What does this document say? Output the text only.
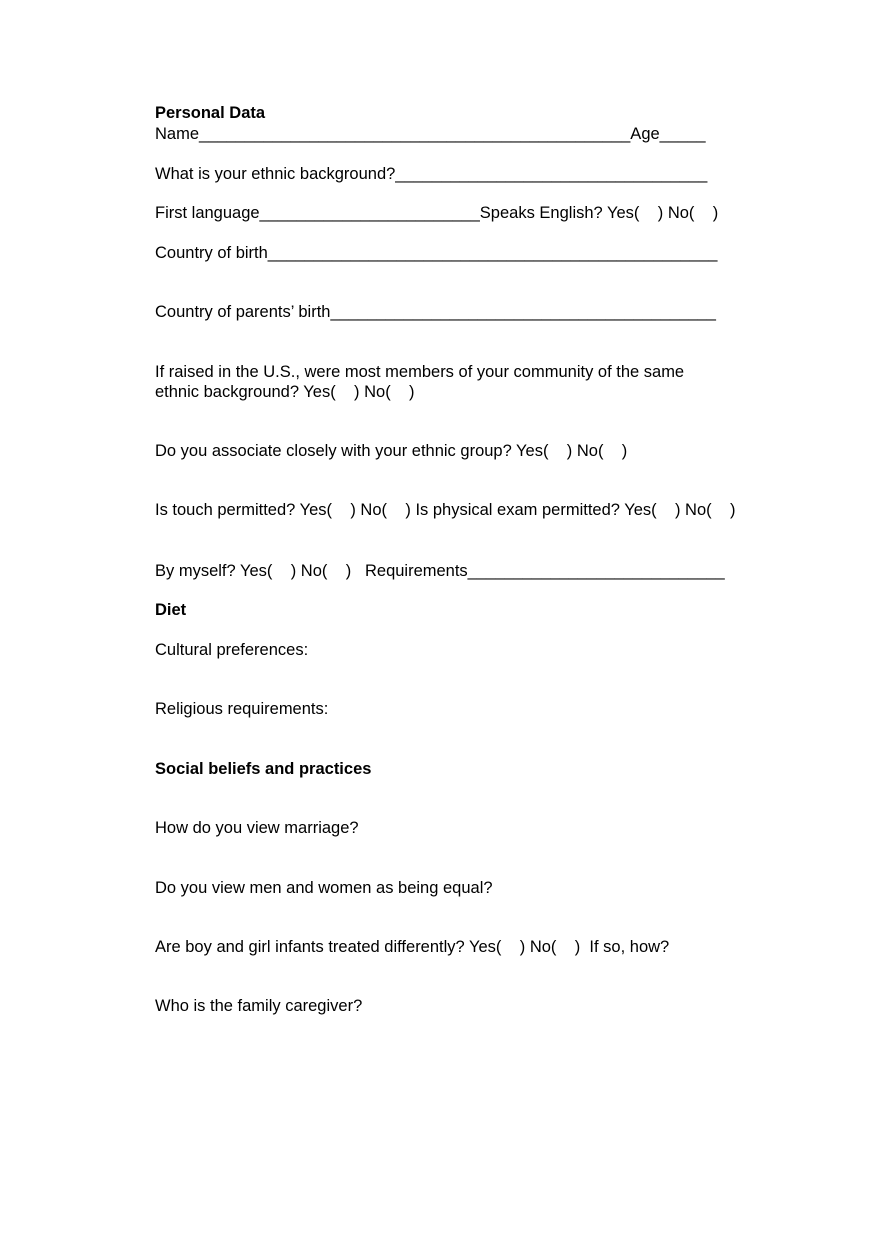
Personal Data
Name_______________________________________________Age_____
What is your ethnic background?__________________________________
First language________________________Speaks English? Yes(    ) No(    )
Country of birth_________________________________________________
Country of parents’ birth__________________________________________
If raised in the U.S., were most members of your community of the same
ethnic background? Yes(    ) No(    )
Do you associate closely with your ethnic group? Yes(    ) No(    )
Is touch permitted? Yes(    ) No(    ) Is physical exam permitted? Yes(    ) No(    )
By myself? Yes(    ) No(    )   Requirements____________________________
Diet
Cultural preferences:
Religious requirements:
Social beliefs and practices
How do you view marriage?
Do you view men and women as being equal?
Are boy and girl infants treated differently? Yes(    ) No(    )  If so, how?
Who is the family caregiver?
